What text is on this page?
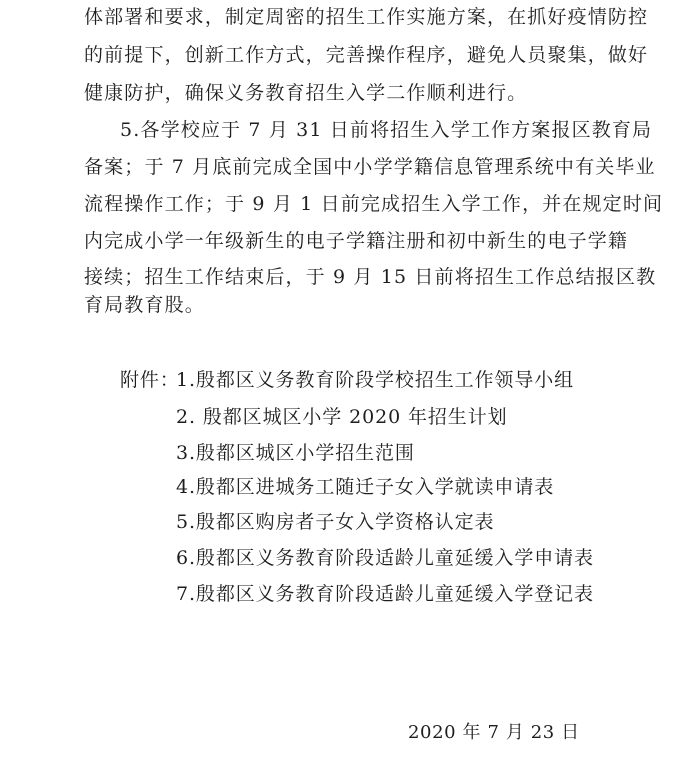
体部署和要求，制定周密的招生工作实施方案，在抓好疫情防控
的前提下，创新工作方式，完善操作程序，避免人员聚集，做好
健康防护，确保义务教育招生入学二作顺利进行。
5.各学校应于 7 月 31 日前将招生入学工作方案报区教育局
备案；于 7 月底前完成全国中小学学籍信息管理系统中有关毕业
流程操作工作；于 9 月 1 日前完成招生入学工作，并在规定时间
内完成小学一年级新生的电子学籍注册和初中新生的电子学籍
接续；招生工作结束后，于 9 月 15 日前将招生工作总结报区教
育局教育股。
附件：
1.殷都区义务教育阶段学校招生工作领导小组
2. 殷都区城区小学 2020 年招生计划
3.殷都区城区小学招生范围
4.殷都区进城务工随迁子女入学就读申请表
5.殷都区购房者子女入学资格认定表
6.殷都区义务教育阶段适龄儿童延缓入学申请表
7.殷都区义务教育阶段适龄儿童延缓入学登记表
2020 年 7 月 23 日
